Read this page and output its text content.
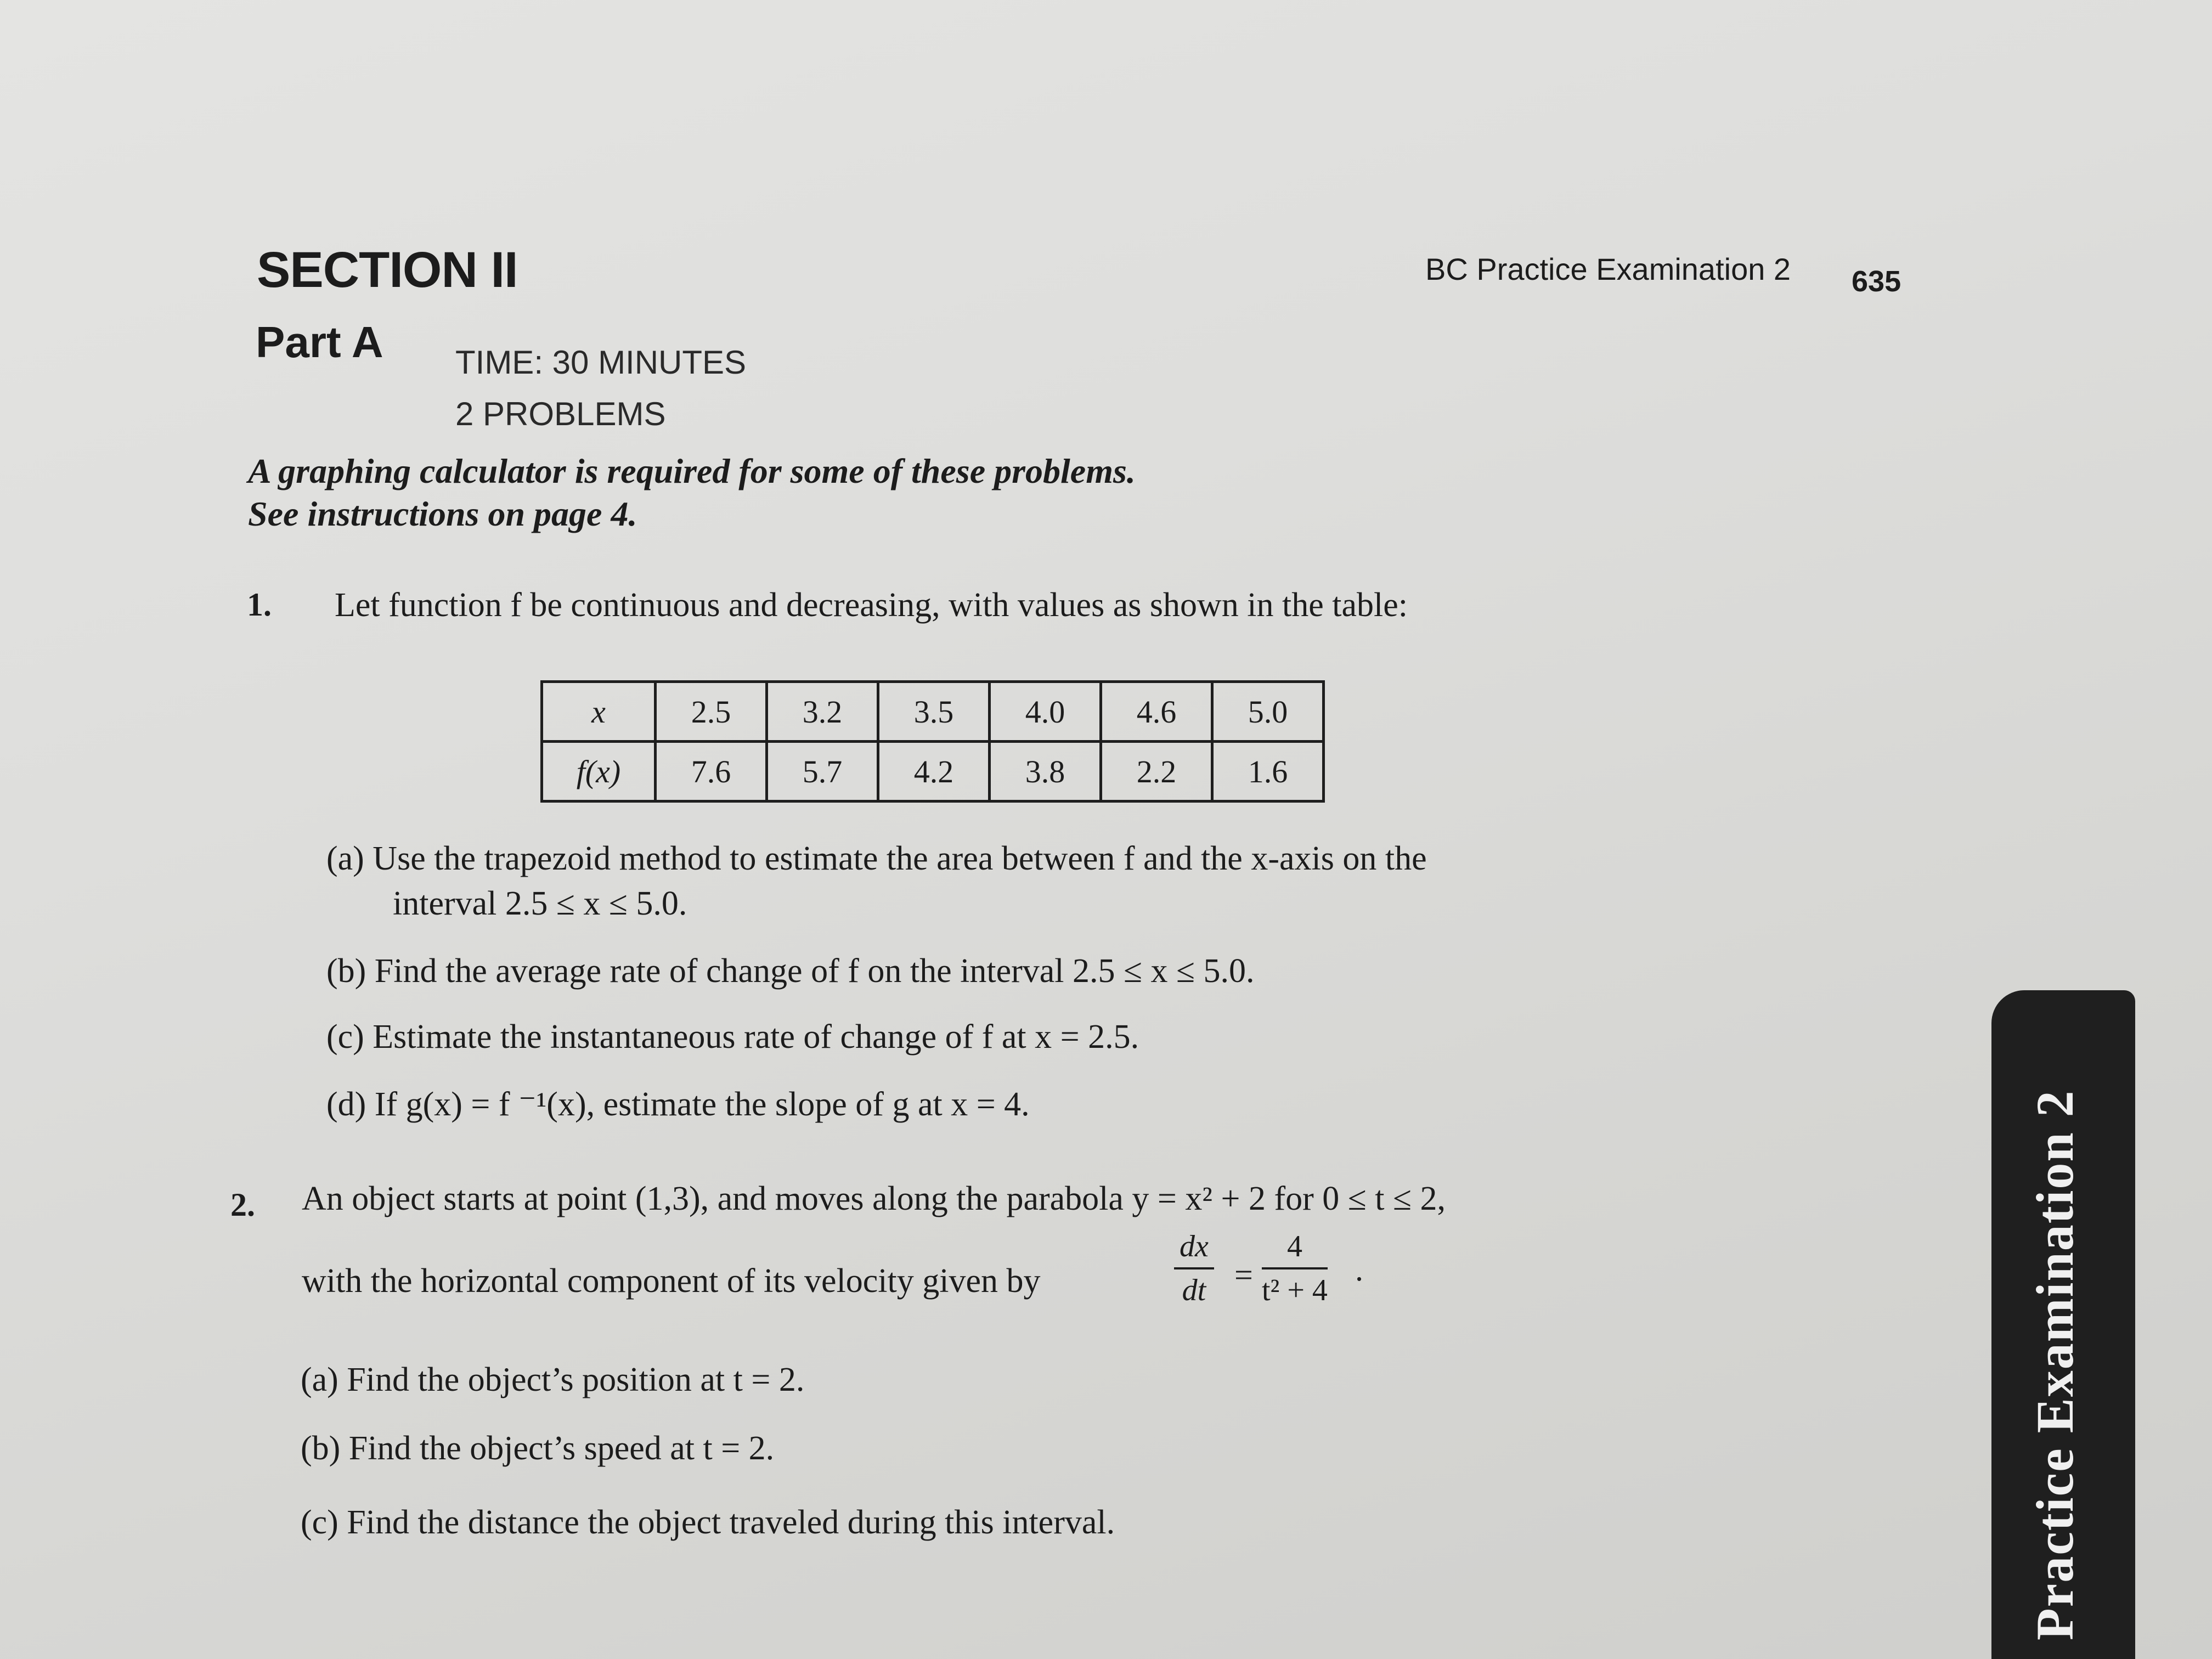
SECTION II	BC Practice Examination 2 635
Part A TIME: 30 MINUTES
2 PROBLEMS
A graphing calculator is required for some of these problems.
See instructions on page 4.
1. Let function f be continuous and decreasing, with values as shown in the table:
x	2.5	3.2	3.5	4.0	4.6	5.0
f(x)	7.6	5.7	4.2	3.8	2.2	1.6
(a) Use the trapezoid method to estimate the area between f and the x-axis on the
interval 2.5 ≤ x ≤ 5.0.
(b) Find the average rate of change of f on the interval 2.5 ≤ x ≤ 5.0.
(c) Estimate the instantaneous rate of change of f at x = 2.5.
(d) If g(x) = f ⁻¹(x), estimate the slope of g at x = 4.
2. An object starts at point (1,3), and moves along the parabola y = x² + 2 for 0 ≤ t ≤ 2,
with the horizontal component of its velocity given by	$\frac{dx}{dt} = \frac{4}{\text{t² + 4}}$ .
(a) Find the object’s position at t = 2.
(b) Find the object’s speed at t = 2.
(c) Find the distance the object traveled during this interval.	Practice Examination 2
